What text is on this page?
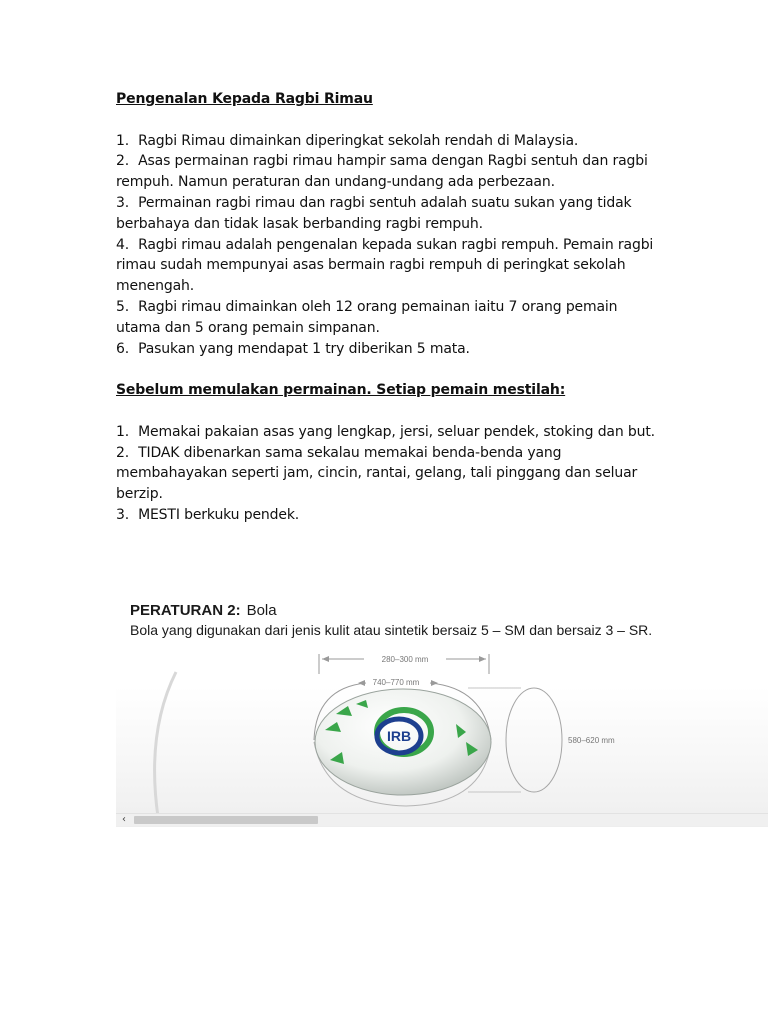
Pengenalan Kepada Ragbi Rimau

1. Ragbi Rimau dimainkan diperingkat sekolah rendah di Malaysia.

2. Asas permainan ragbi rimau hampir sama dengan Ragbi sentuh dan ragbi rempuh. Namun peraturan dan undang-undang ada perbezaan.

3. Permainan ragbi rimau dan ragbi sentuh adalah suatu sukan yang tidak berbahaya dan tidak lasak berbanding ragbi rempuh.

4. Ragbi rimau adalah pengenalan kepada sukan ragbi rempuh. Pemain ragbi rimau sudah mempunyai asas bermain ragbi rempuh di peringkat sekolah menengah.

5. Ragbi rimau dimainkan oleh 12 orang pemainan iaitu 7 orang pemain utama dan 5 orang pemain simpanan.

6. Pasukan yang mendapat 1 try diberikan 5 mata.

Sebelum memulakan permainan. Setiap pemain mestilah:

1. Memakai pakaian asas yang lengkap, jersi, seluar pendek, stoking dan but.

2. TIDAK dibenarkan sama sekalau memakai benda-benda yang membahayakan seperti jam, cincin, rantai, gelang, tali pinggang dan seluar berzip.

3. MESTI berkuku pendek.

280–300 mm
740–770 mm
580–620 mm
IRB

PERATURAN 2: Bola

Bola yang digunakan dari jenis kulit atau sintetik bersaiz 5 – SM dan bersaiz 3 – SR.

‹
